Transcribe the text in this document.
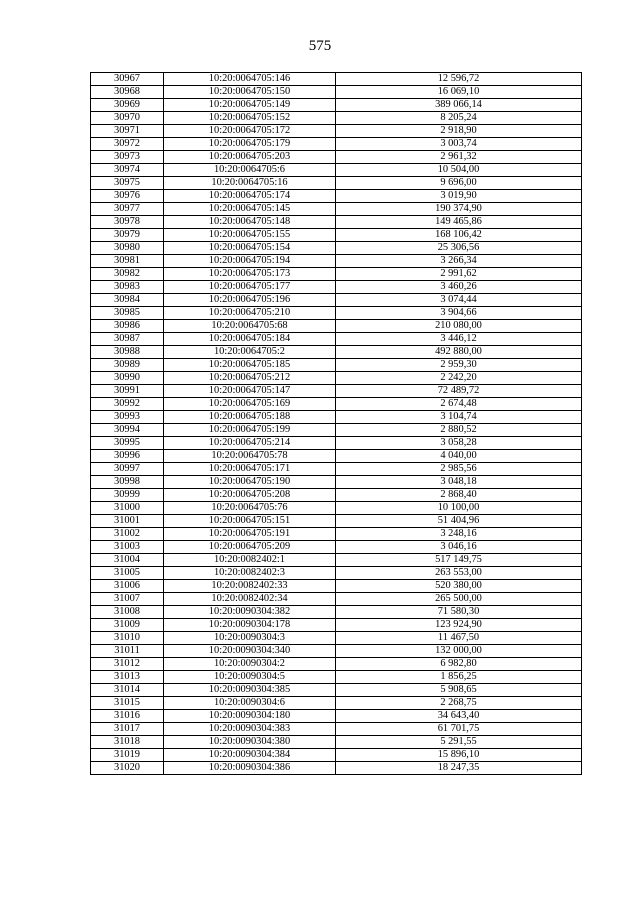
575
30967	10:20:0064705:146	12 596,72
30968	10:20:0064705:150	16 069,10
30969	10:20:0064705:149	389 066,14
30970	10:20:0064705:152	8 205,24
30971	10:20:0064705:172	2 918,90
30972	10:20:0064705:179	3 003,74
30973	10:20:0064705:203	2 961,32
30974	10:20:0064705:6	10 504,00
30975	10:20:0064705:16	9 696,00
30976	10:20:0064705:174	3 019,90
30977	10:20:0064705:145	190 374,90
30978	10:20:0064705:148	149 465,86
30979	10:20:0064705:155	168 106,42
30980	10:20:0064705:154	25 306,56
30981	10:20:0064705:194	3 266,34
30982	10:20:0064705:173	2 991,62
30983	10:20:0064705:177	3 460,26
30984	10:20:0064705:196	3 074,44
30985	10:20:0064705:210	3 904,66
30986	10:20:0064705:68	210 080,00
30987	10:20:0064705:184	3 446,12
30988	10:20:0064705:2	492 880,00
30989	10:20:0064705:185	2 959,30
30990	10:20:0064705:212	2 242,20
30991	10:20:0064705:147	72 489,72
30992	10:20:0064705:169	2 674,48
30993	10:20:0064705:188	3 104,74
30994	10:20:0064705:199	2 880,52
30995	10:20:0064705:214	3 058,28
30996	10:20:0064705:78	4 040,00
30997	10:20:0064705:171	2 985,56
30998	10:20:0064705:190	3 048,18
30999	10:20:0064705:208	2 868,40
31000	10:20:0064705:76	10 100,00
31001	10:20:0064705:151	51 404,96
31002	10:20:0064705:191	3 248,16
31003	10:20:0064705:209	3 046,16
31004	10:20:0082402:1	517 149,75
31005	10:20:0082402:3	263 553,00
31006	10:20:0082402:33	520 380,00
31007	10:20:0082402:34	265 500,00
31008	10:20:0090304:382	71 580,30
31009	10:20:0090304:178	123 924,90
31010	10:20:0090304:3	11 467,50
31011	10:20:0090304:340	132 000,00
31012	10:20:0090304:2	6 982,80
31013	10:20:0090304:5	1 856,25
31014	10:20:0090304:385	5 908,65
31015	10:20:0090304:6	2 268,75
31016	10:20:0090304:180	34 643,40
31017	10:20:0090304:383	61 701,75
31018	10:20:0090304:380	5 291,55
31019	10:20:0090304:384	15 896,10
31020	10:20:0090304:386	18 247,35
